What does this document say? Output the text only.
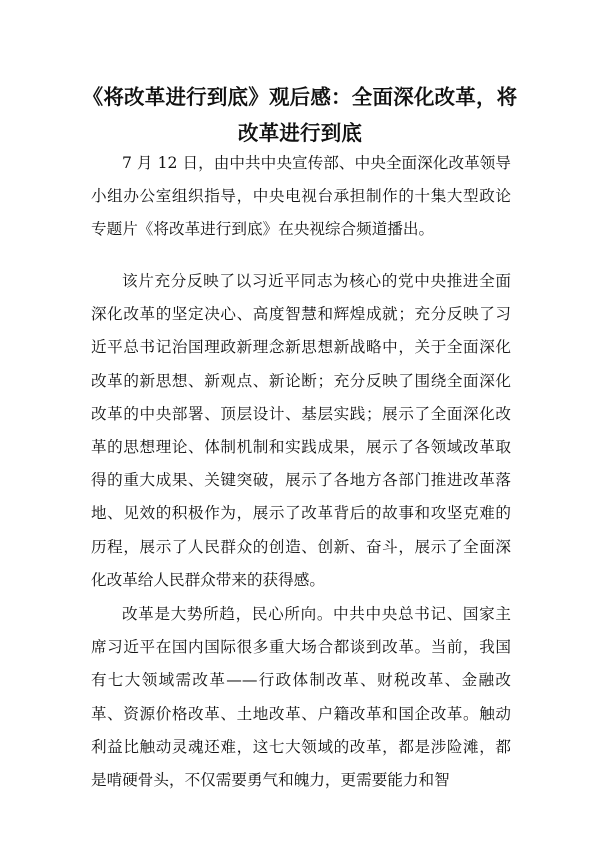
《将改革进行到底》观后感：全面深化改革，将改革进行到底

7 月 12 日，由中共中央宣传部、中央全面深化改革领导小组办公室组织指导，中央电视台承担制作的十集大型政论专题片《将改革进行到底》在央视综合频道播出。

该片充分反映了以习近平同志为核心的党中央推进全面深化改革的坚定决心、高度智慧和辉煌成就；充分反映了习近平总书记治国理政新理念新思想新战略中，关于全面深化改革的新思想、新观点、新论断；充分反映了围绕全面深化改革的中央部署、顶层设计、基层实践；展示了全面深化改革的思想理论、体制机制和实践成果，展示了各领域改革取得的重大成果、关键突破，展示了各地方各部门推进改革落地、见效的积极作为，展示了改革背后的故事和攻坚克难的历程，展示了人民群众的创造、创新、奋斗，展示了全面深化改革给人民群众带来的获得感。

改革是大势所趋，民心所向。中共中央总书记、国家主席习近平在国内国际很多重大场合都谈到改革。当前，我国有七大领域需改革——行政体制改革、财税改革、金融改革、资源价格改革、土地改革、户籍改革和国企改革。触动利益比触动灵魂还难，这七大领域的改革，都是涉险滩，都是啃硬骨头，不仅需要勇气和魄力，更需要能力和智
